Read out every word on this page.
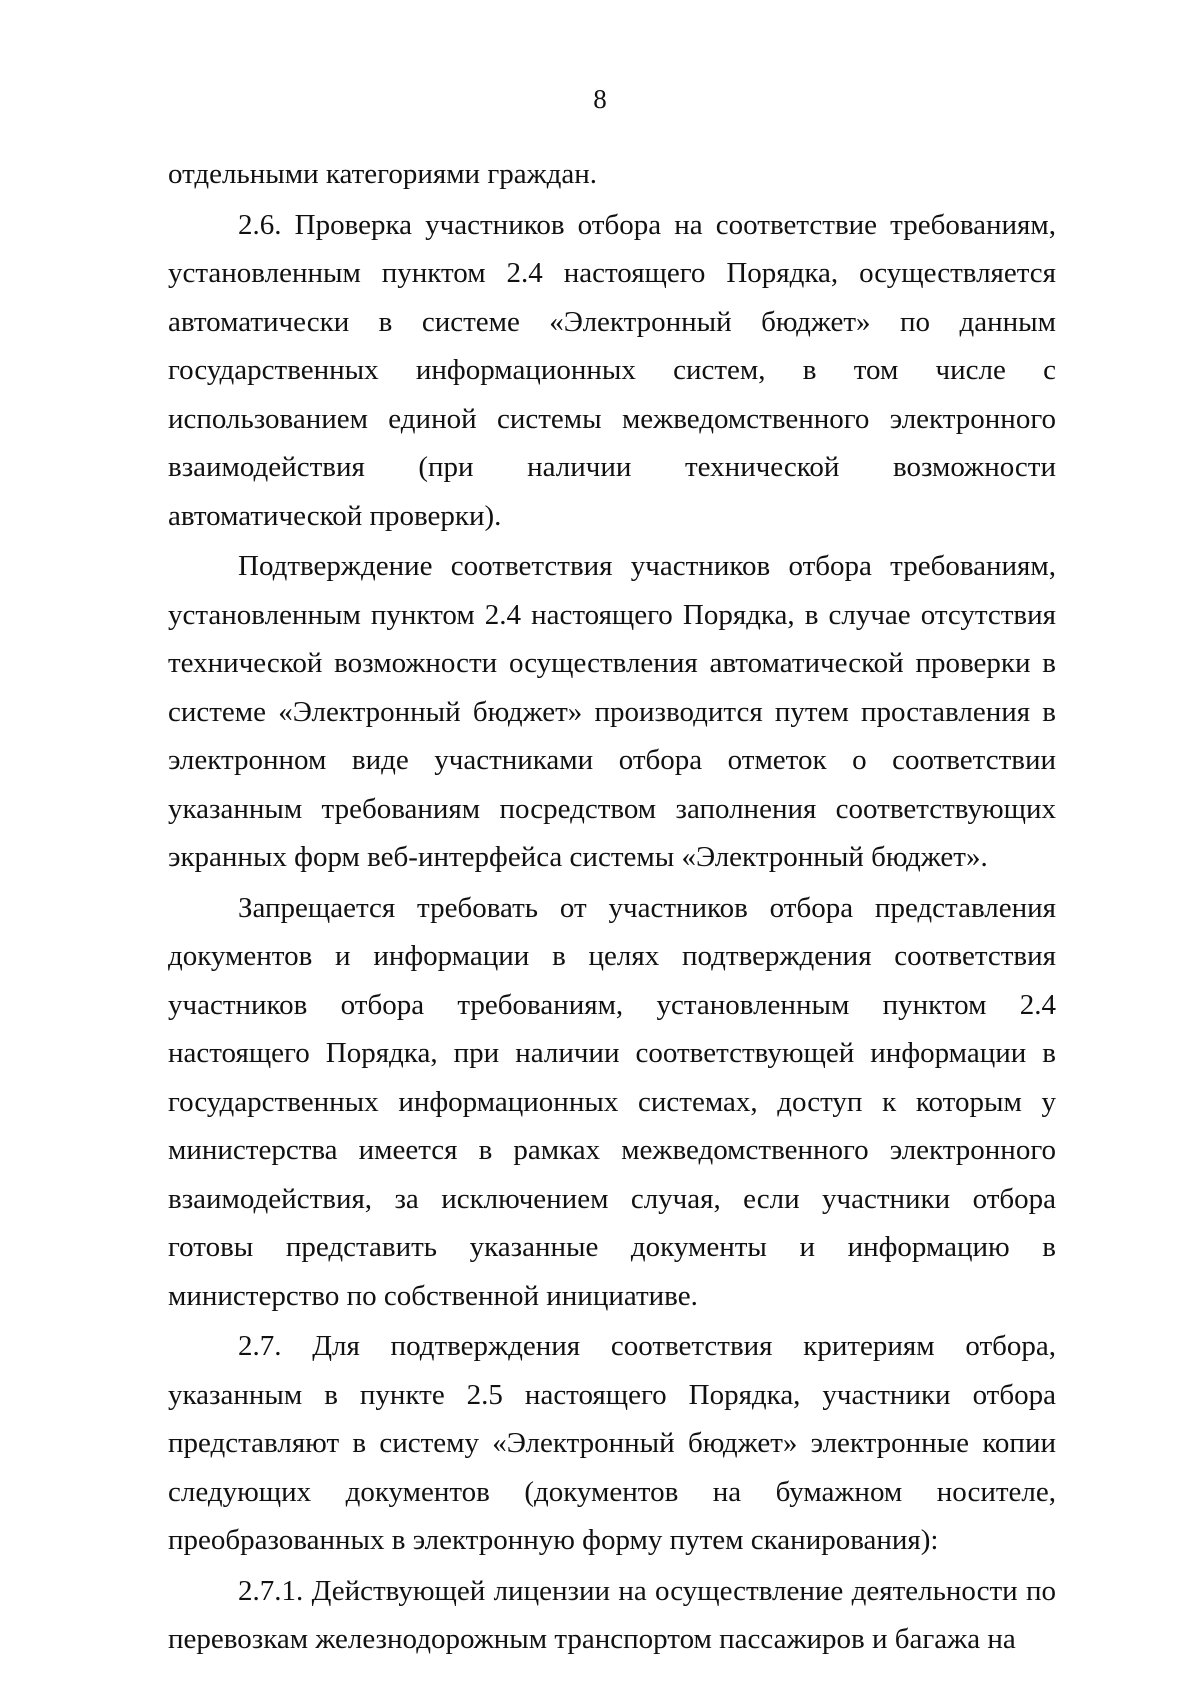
8

отдельными категориями граждан.

2.6. Проверка участников отбора на соответствие требованиям, установленным пунктом 2.4 настоящего Порядка, осуществляется автоматически в системе «Электронный бюджет» по данным государственных информационных систем, в том числе с использованием единой системы межведомственного электронного взаимодействия (при наличии технической возможности автоматической проверки).

Подтверждение соответствия участников отбора требованиям, установленным пунктом 2.4 настоящего Порядка, в случае отсутствия технической возможности осуществления автоматической проверки в системе «Электронный бюджет» производится путем проставления в электронном виде участниками отбора отметок о соответствии указанным требованиям посредством заполнения соответствующих экранных форм веб-интерфейса системы «Электронный бюджет».

Запрещается требовать от участников отбора представления документов и информации в целях подтверждения соответствия участников отбора требованиям, установленным пунктом 2.4 настоящего Порядка, при наличии соответствующей информации в государственных информационных системах, доступ к которым у министерства имеется в рамках межведомственного электронного взаимодействия, за исключением случая, если участники отбора готовы представить указанные документы и информацию в министерство по собственной инициативе.

2.7. Для подтверждения соответствия критериям отбора, указанным в пункте 2.5 настоящего Порядка, участники отбора представляют в систему «Электронный бюджет» электронные копии следующих документов (документов на бумажном носителе, преобразованных в электронную форму путем сканирования):

2.7.1. Действующей лицензии на осуществление деятельности по перевозкам железнодорожным транспортом пассажиров и багажа на
